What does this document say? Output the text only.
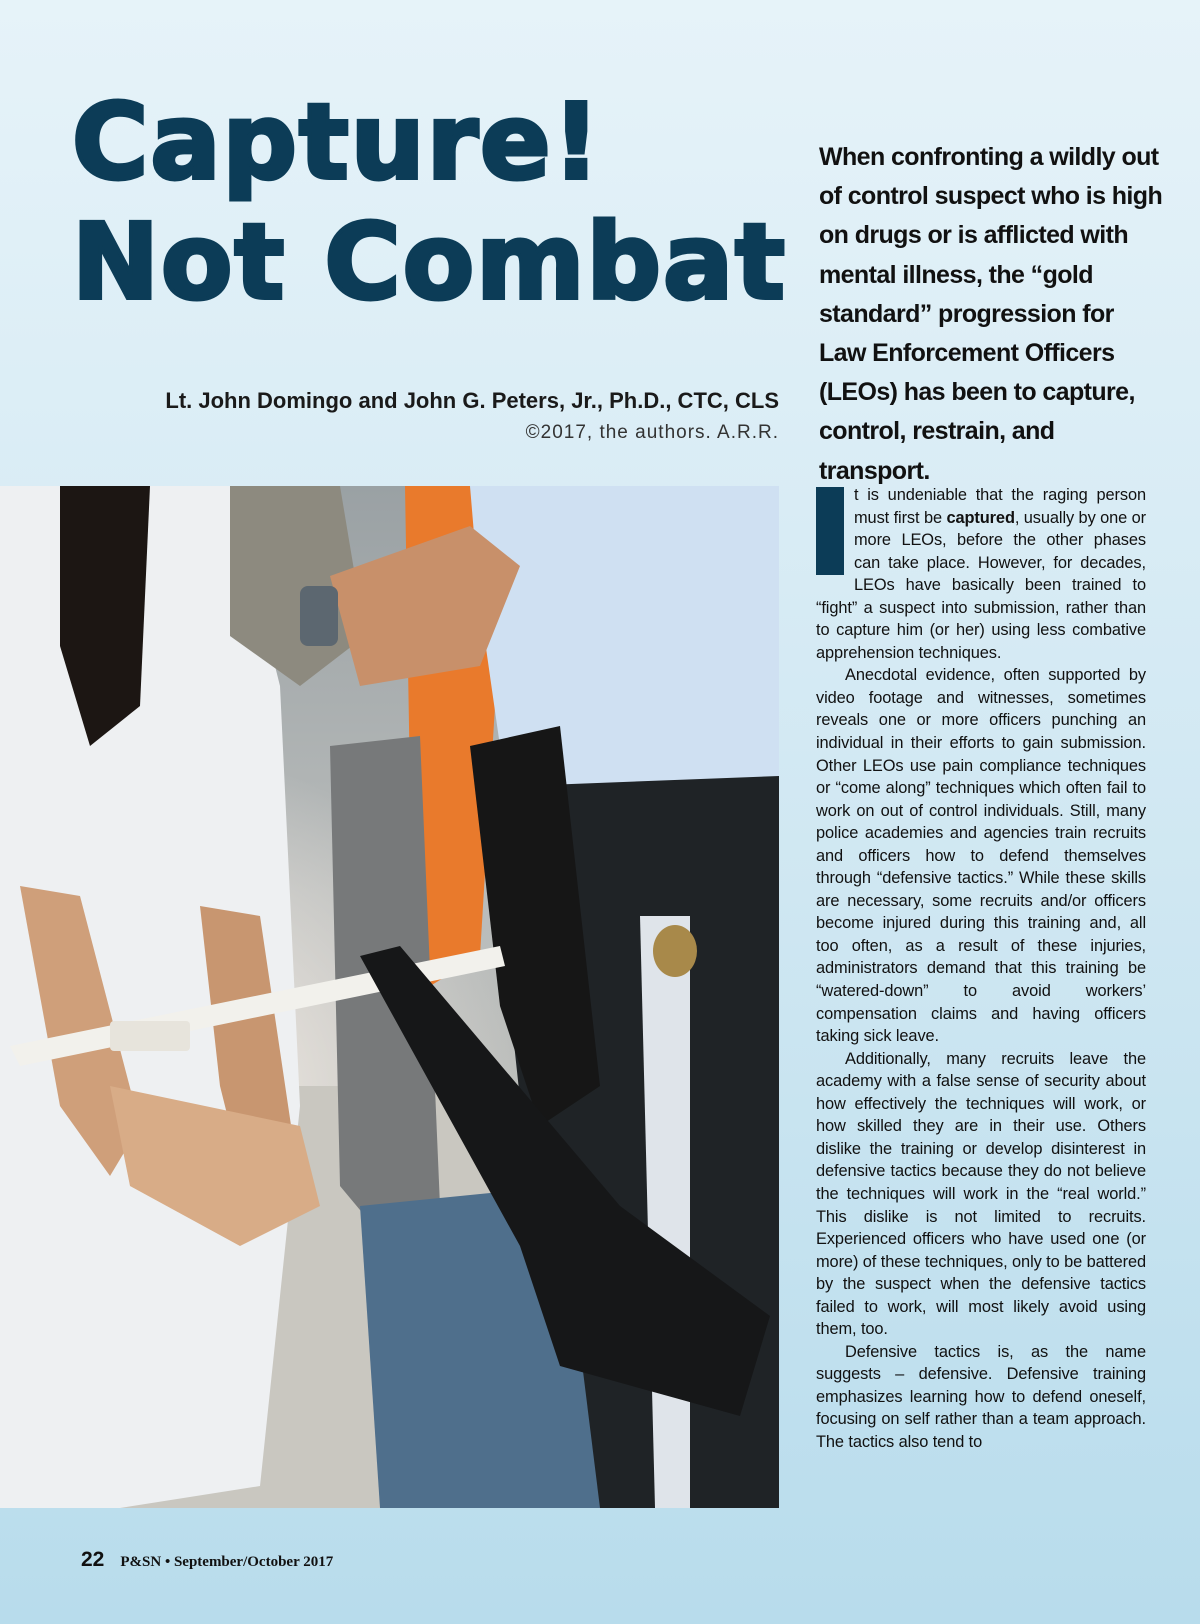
Capture!
Not Combat

When confronting a wildly out of control suspect who is high on drugs or is afflicted with mental illness, the “gold standard” progression for Law Enforcement Officers (LEOs) has been to capture, control, restrain, and transport.

Lt. John Domingo and John G. Peters, Jr., Ph.D., CTC, CLS

©2017, the authors. A.R.R.

I	t is undeniable that the raging person must first be captured, usually by one or more LEOs, before the other phases can take place. However, for decades, LEOs have basically been trained to “fight” a suspect into submission, rather than to capture him (or her) using less combative apprehension techniques.

Anecdotal evidence, often supported by video footage and witnesses, sometimes reveals one or more officers punching an individual in their efforts to gain submission. Other LEOs use pain compliance techniques or “come along” techniques which often fail to work on out of control individuals. Still, many police academies and agencies train recruits and officers how to defend themselves through “defensive tactics.” While these skills are necessary, some recruits and/or officers become injured during this training and, all too often, as a result of these injuries, administrators demand that this training be “watered-down” to avoid workers’ compensation claims and having officers taking sick leave.

Additionally, many recruits leave the academy with a false sense of security about how effectively the techniques will work, or how skilled they are in their use. Others dislike the training or develop disinterest in defensive tactics because they do not believe the techniques will work in the “real world.” This dislike is not limited to recruits. Experienced officers who have used one (or more) of these techniques, only to be battered by the suspect when the defensive tactics failed to work, will most likely avoid using them, too.

Defensive tactics is, as the name suggests – defensive. Defensive training emphasizes learning how to defend oneself, focusing on self rather than a team approach. The tactics also tend to

22 P&SN • September/October 2017
